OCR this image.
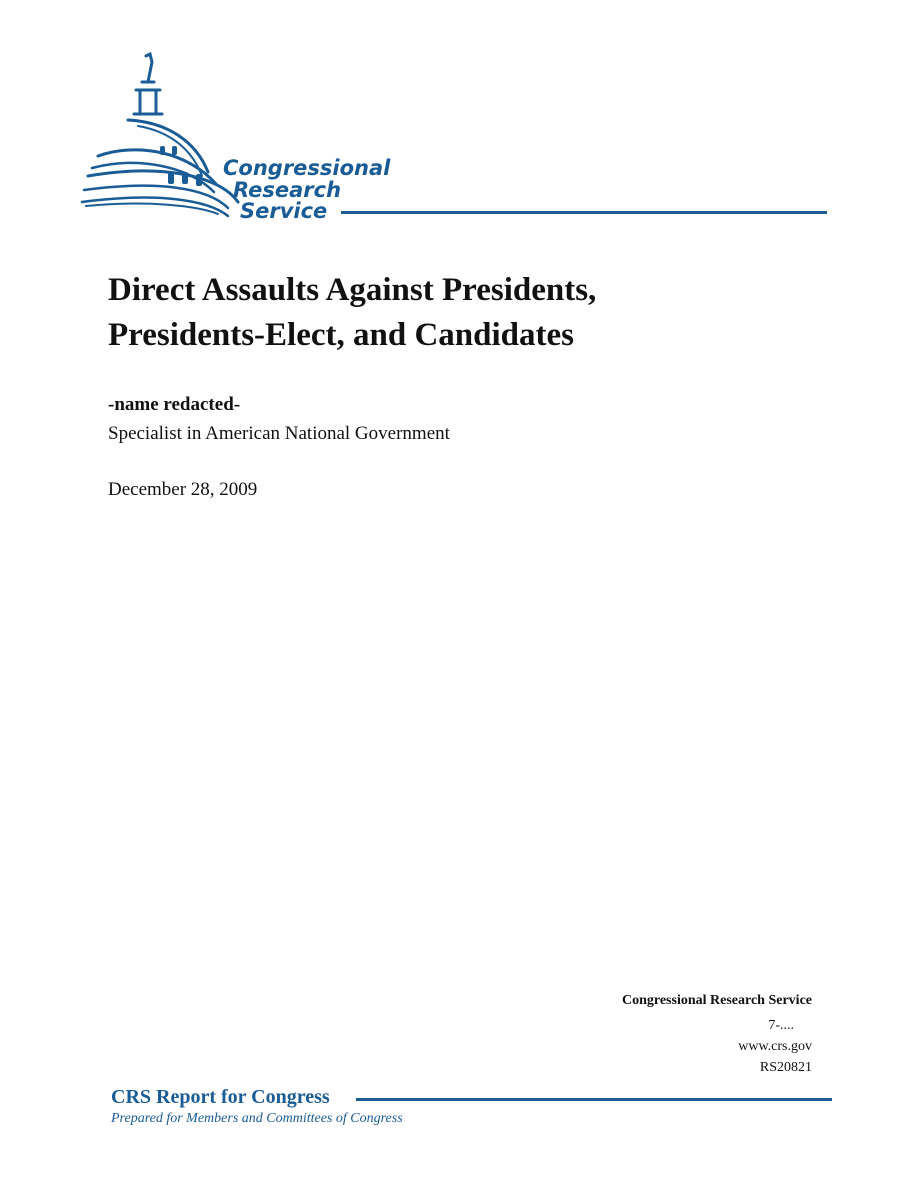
Congressional
Research
Service
Direct Assaults Against Presidents,
Presidents-Elect, and Candidates
-name redacted-
Specialist in American National Government
December 28, 2009
Congressional Research Service
7-....
www.crs.gov
RS20821
CRS Report for Congress
Prepared for Members and Committees of Congress
